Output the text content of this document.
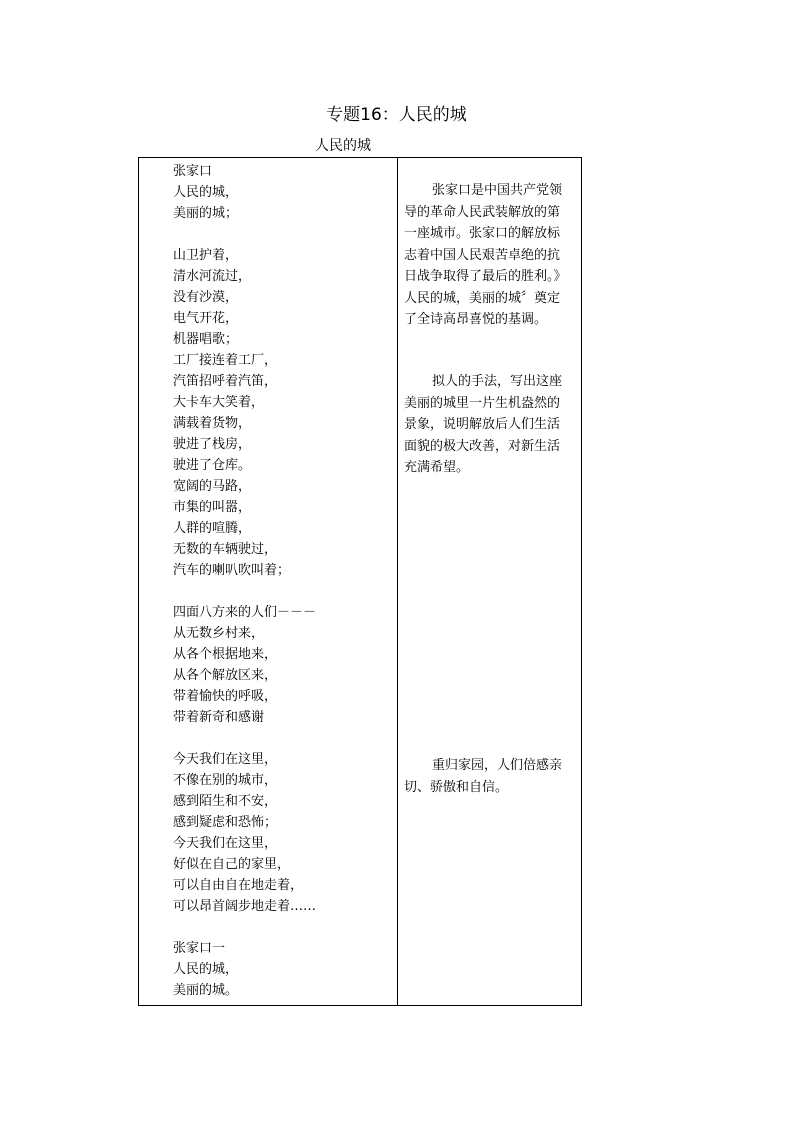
专题16：人民的城
人民的城
张家口
人民的城，
美丽的城；
山卫护着，
清水河流过，
没有沙漠，
电气开花，
机器唱歌；
工厂接连着工厂，
汽笛招呼着汽笛，
大卡车大笑着，
满载着货物，
驶进了栈房，
驶进了仓库。
宽阔的马路，
市集的叫嚣，
人群的喧腾，
无数的车辆驶过，
汽车的喇叭吹叫着；
四面八方来的人们－－－
从无数乡村来，
从各个根据地来，
从各个解放区来，
带着愉快的呼吸，
带着新奇和感谢
今天我们在这里，
不像在别的城市，
感到陌生和不安，
感到疑虑和恐怖；
今天我们在这里，
好似在自己的家里，
可以自由自在地走着，
可以昂首阔步地走着……
张家口一
人民的城，
美丽的城。
张家口是中国共产党领
导的革命人民武装解放的第
一座城市。张家口的解放标
志着中国人民艰苦卓绝的抗
日战争取得了最后的胜利。》
人民的城，美丽的城〞奠定
了全诗高昂喜悦的基调。
拟人的手法，写出这座
美丽的城里一片生机盎然的
景象，说明解放后人们生活
面貌的极大改善，对新生活
充满希望。
重归家园，人们倍感亲
切、骄傲和自信。
